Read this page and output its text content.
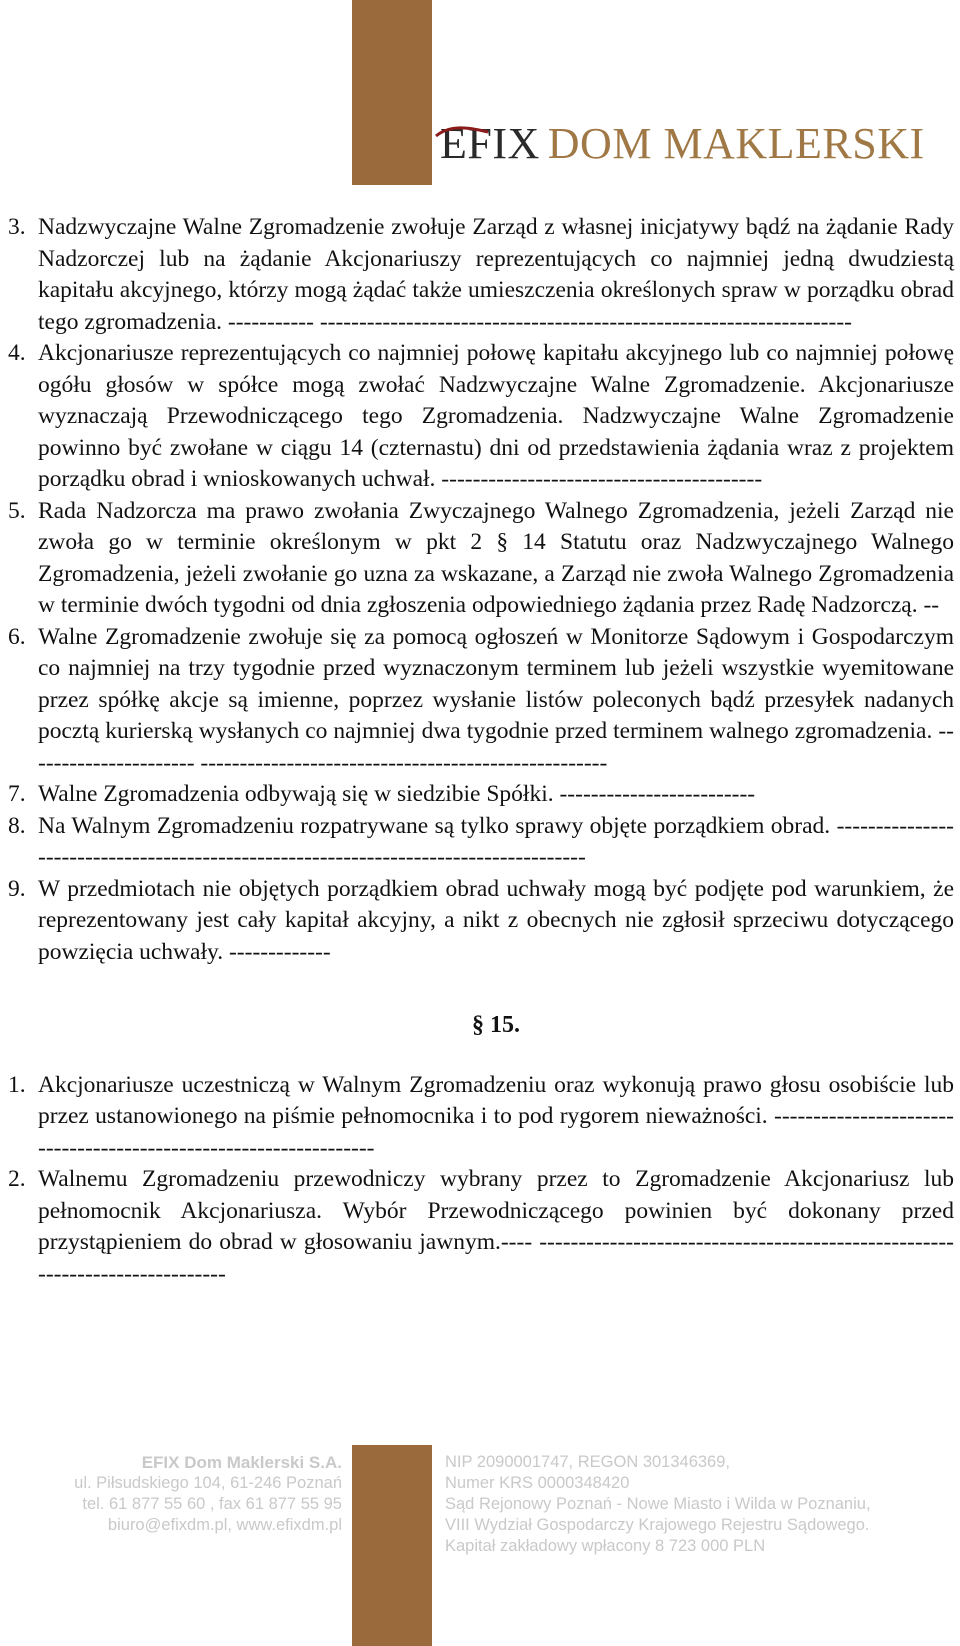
EFIX DOM MAKLERSKI
3. Nadzwyczajne Walne Zgromadzenie zwołuje Zarząd z własnej inicjatywy bądź na żądanie Rady Nadzorczej lub na żądanie Akcjonariuszy reprezentujących co najmniej jedną dwudziestą kapitału akcyjnego, którzy mogą żądać także umieszczenia określonych spraw w porządku obrad tego zgromadzenia. ----------- --------------------------------------------------------------------
4. Akcjonariusze reprezentujących co najmniej połowę kapitału akcyjnego lub co najmniej połowę ogółu głosów w spółce mogą zwołać Nadzwyczajne Walne Zgromadzenie. Akcjonariusze wyznaczają Przewodniczącego tego Zgromadzenia. Nadzwyczajne Walne Zgromadzenie powinno być zwołane w ciągu 14 (czternastu) dni od przedstawienia żądania wraz z projektem porządku obrad i wnioskowanych uchwał. -----------------------------------------
5. Rada Nadzorcza ma prawo zwołania Zwyczajnego Walnego Zgromadzenia, jeżeli Zarząd nie zwoła go w terminie określonym w pkt 2 § 14 Statutu oraz Nadzwyczajnego Walnego Zgromadzenia, jeżeli zwołanie go uzna za wskazane, a Zarząd nie zwoła Walnego Zgromadzenia w terminie dwóch tygodni od dnia zgłoszenia odpowiedniego żądania przez Radę Nadzorczą. --
6. Walne Zgromadzenie zwołuje się za pomocą ogłoszeń w Monitorze Sądowym i Gospodarczym co najmniej na trzy tygodnie przed wyznaczonym terminem lub jeżeli wszystkie wyemitowane przez spółkę akcje są imienne, poprzez wysłanie listów poleconych bądź przesyłek nadanych pocztą kurierską wysłanych co najmniej dwa tygodnie przed terminem walnego zgromadzenia. ---------------------- ----------------------------------------------------
7. Walne Zgromadzenia odbywają się w siedzibie Spółki. -------------------------
8. Na Walnym Zgromadzeniu rozpatrywane są tylko sprawy objęte porządkiem obrad. -------------------------------------------------------------------------------------
9. W przedmiotach nie objętych porządkiem obrad uchwały mogą być podjęte pod warunkiem, że reprezentowany jest cały kapitał akcyjny, a nikt z obecnych nie zgłosił sprzeciwu dotyczącego powzięcia uchwały. -------------
§ 15.
1. Akcjonariusze uczestniczą w Walnym Zgromadzeniu oraz wykonują prawo głosu osobiście lub przez ustanowionego na piśmie pełnomocnika i to pod rygorem nieważności. ------------------------------------------------------------------
2. Walnemu Zgromadzeniu przewodniczy wybrany przez to Zgromadzenie Akcjonariusz lub pełnomocnik Akcjonariusza. Wybór Przewodniczącego powinien być dokonany przed przystąpieniem do obrad w głosowaniu jawnym.---- -----------------------------------------------------------------------------
EFIX Dom Maklerski S.A.
ul. Piłsudskiego 104, 61-246 Poznań
tel. 61 877 55 60 , fax 61 877 55 95
biuro@efixdm.pl, www.efixdm.pl
NIP 2090001747, REGON 301346369,
Numer KRS 0000348420
Sąd Rejonowy Poznań - Nowe Miasto i Wilda w Poznaniu,
VIII Wydział Gospodarczy Krajowego Rejestru Sądowego.
Kapitał zakładowy wpłacony 8 723 000 PLN
